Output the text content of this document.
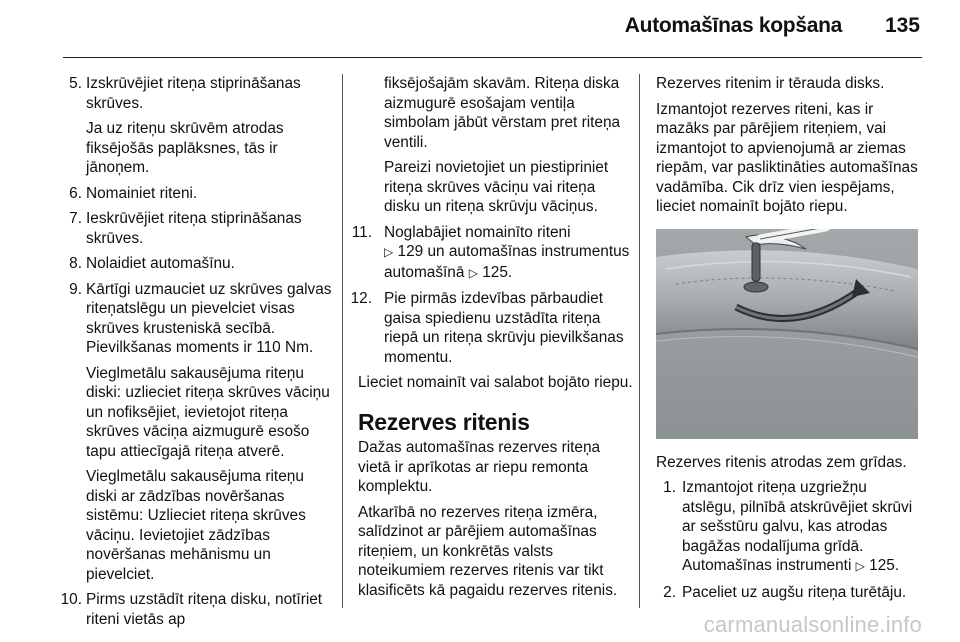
Automašīnas kopšana 135
5. Izskrūvējiet riteņa stiprināšanas skrūves.
Ja uz riteņu skrūvēm atrodas fiksējošās paplāksnes, tās ir jānoņem.
6. Nomainiet riteni.
7. Ieskrūvējiet riteņa stiprināšanas skrūves.
8. Nolaidiet automašīnu.
9. Kārtīgi uzmauciet uz skrūves galvas riteņatslēgu un pievelciet visas skrūves krusteniskā secībā. Pievilkšanas moments ir 110 Nm.
Vieglmetālu sakausējuma riteņu diski: uzlieciet riteņa skrūves vāciņu un nofiksējiet, ievietojot riteņa skrūves vāciņa aizmugurē esošo tapu attiecīgajā riteņa atverē.
Vieglmetālu sakausējuma riteņu diski ar zādzības novēršanas sistēmu: Uzlieciet riteņa skrūves vāciņu. Ievietojiet zādzības novēršanas mehānismu un pievelciet.
10. Pirms uzstādīt riteņa disku, notīriet riteni vietās ap
fiksējošajām skavām. Riteņa diska aizmugurē esošajam ventiļa simbolam jābūt vērstam pret riteņa ventili.
Pareizi novietojiet un piestipriniet riteņa skrūves vāciņu vai riteņa disku un riteņa skrūvju vāciņus.
11. Noglabājiet nomainīto riteni
▷ 129 un automašīnas instrumentus automašīnā ▷ 125.
12. Pie pirmās izdevības pārbaudiet gaisa spiedienu uzstādīta riteņa riepā un riteņa skrūvju pievilkšanas momentu.
Lieciet nomainīt vai salabot bojāto riepu.
Rezerves ritenis
Dažas automašīnas rezerves riteņa vietā ir aprīkotas ar riepu remonta komplektu.
Atkarībā no rezerves riteņa izmēra, salīdzinot ar pārējiem automašīnas riteņiem, un konkrētās valsts noteikumiem rezerves ritenis var tikt klasificēts kā pagaidu rezerves ritenis.
Rezerves ritenim ir tērauda disks.
Izmantojot rezerves riteni, kas ir mazāks par pārējiem riteņiem, vai izmantojot to apvienojumā ar ziemas riepām, var pasliktināties automašīnas vadāmība. Cik drīz vien iespējams, lieciet nomainīt bojāto riepu.
Rezerves ritenis atrodas zem grīdas.
1. Izmantojot riteņa uzgriežņu atslēgu, pilnībā atskrūvējiet skrūvi ar sešstūru galvu, kas atrodas bagāžas nodalījuma grīdā. Automašīnas instrumenti ▷ 125.
2. Paceliet uz augšu riteņa turētāju.
carmanualsonline.info
